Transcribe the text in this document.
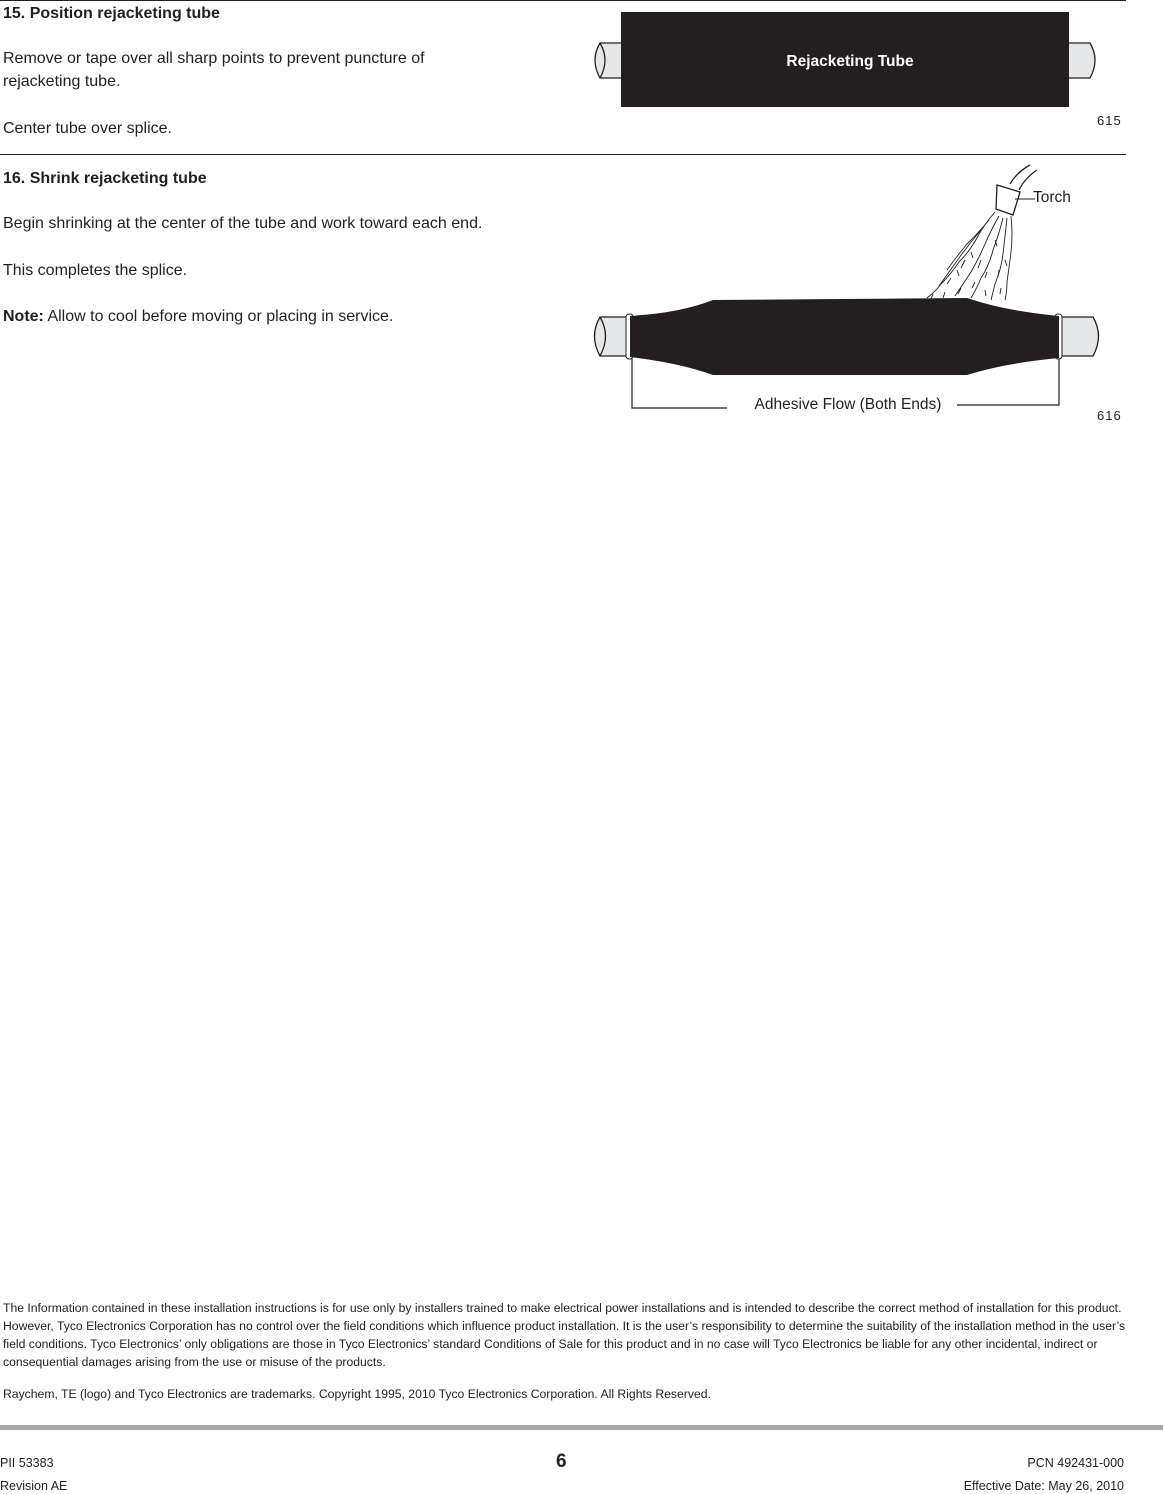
15. Position rejacketing tube

Remove or tape over all sharp points to prevent puncture of rejacketing tube.

Center tube over splice.

Rejacketing Tube
615
16. Shrink rejacketing tube

Begin shrinking at the center of the tube and work toward each end.

This completes the splice.

Note: Allow to cool before moving or placing in service.

Torch
Adhesive Flow (Both Ends)
616

The Information contained in these installation instructions is for use only by installers trained to make electrical power installations and is intended to describe the correct method of installation for this product. However, Tyco Electronics Corporation has no control over the field conditions which influence product installation. It is the user’s responsibility to determine the suitability of the installation method in the user’s field conditions. Tyco Electronics’ only obligations are those in Tyco Electronics’ standard Conditions of Sale for this product and in no case will Tyco Electronics be liable for any other incidental, indirect or consequential damages arising from the use or misuse of the products.

Raychem, TE (logo) and Tyco Electronics are trademarks. Copyright 1995, 2010 Tyco Electronics Corporation. All Rights Reserved.

PII 53383
Revision AE
6	PCN 492431-000
Effective Date: May 26, 2010
